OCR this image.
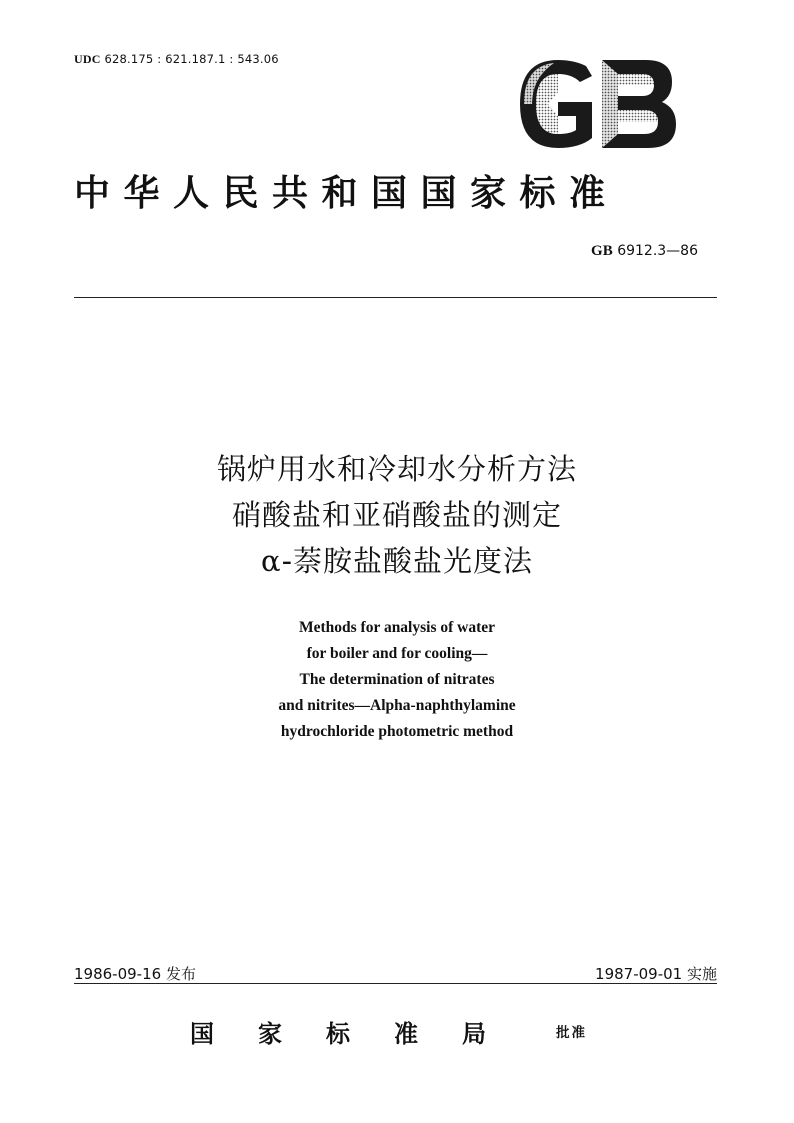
UDC 628.175 : 621.187.1 : 543.06
中华人民共和国国家标准
GB 6912.3—86
锅炉用水和冷却水分析方法
硝酸盐和亚硝酸盐的测定
α-萘胺盐酸盐光度法
Methods for analysis of water
for boiler and for cooling—
The determination of nitrates
and nitrites—Alpha-naphthylamine
hydrochloride photometric method
1986-09-16 发布	1987-09-01 实施
国家标准局 批准
